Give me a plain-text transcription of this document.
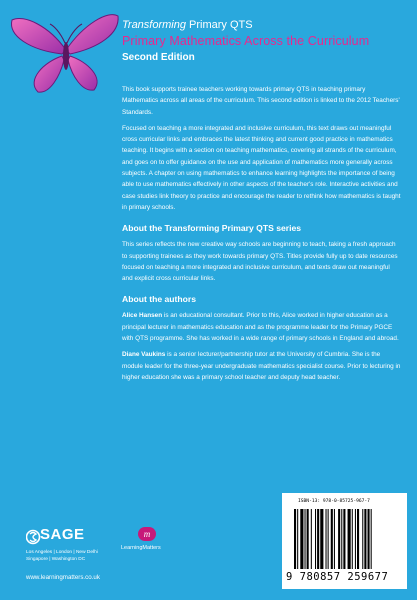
Transforming Primary QTS
Primary Mathematics Across the Curriculum
Second Edition

This book supports trainee teachers working towards primary QTS in teaching primary Mathematics across all areas of the curriculum. This second edition is linked to the 2012 Teachers' Standards.

Focused on teaching a more integrated and inclusive curriculum, this text draws out meaningful cross curricular links and embraces the latest thinking and current good practice in mathematics teaching. It begins with a section on teaching mathematics, covering all strands of the curriculum, and goes on to offer guidance on the use and application of mathematics more generally across subjects. A chapter on using mathematics to enhance learning highlights the importance of being able to use mathematics effectively in other aspects of the teacher's role. Interactive activities and case studies link theory to practice and encourage the reader to rethink how mathematics is taught in primary schools.

About the Transforming Primary QTS series

This series reflects the new creative way schools are beginning to teach, taking a fresh approach to supporting trainees as they work towards primary QTS. Titles provide fully up to date resources focused on teaching a more integrated and inclusive curriculum, and texts draw out meaningful and explicit cross curricular links.

About the authors

Alice Hansen is an educational consultant. Prior to this, Alice worked in higher education as a principal lecturer in mathematics education and as the programme leader for the Primary PGCE with QTS programme. She has worked in a wide range of primary schools in England and abroad.

Diane Vaukins is a senior lecturer/partnership tutor at the University of Cumbria. She is the module leader for the three-year undergraduate mathematics specialist course. Prior to lecturing in higher education she was a primary school teacher and deputy head teacher.

SAGE
Los Angeles | London | New Delhi
Singapore | Washington DC
www.learningmatters.co.uk
m
LearningMatters
ISBN-13: 978-0-85725-967-7
9 780857 259677
